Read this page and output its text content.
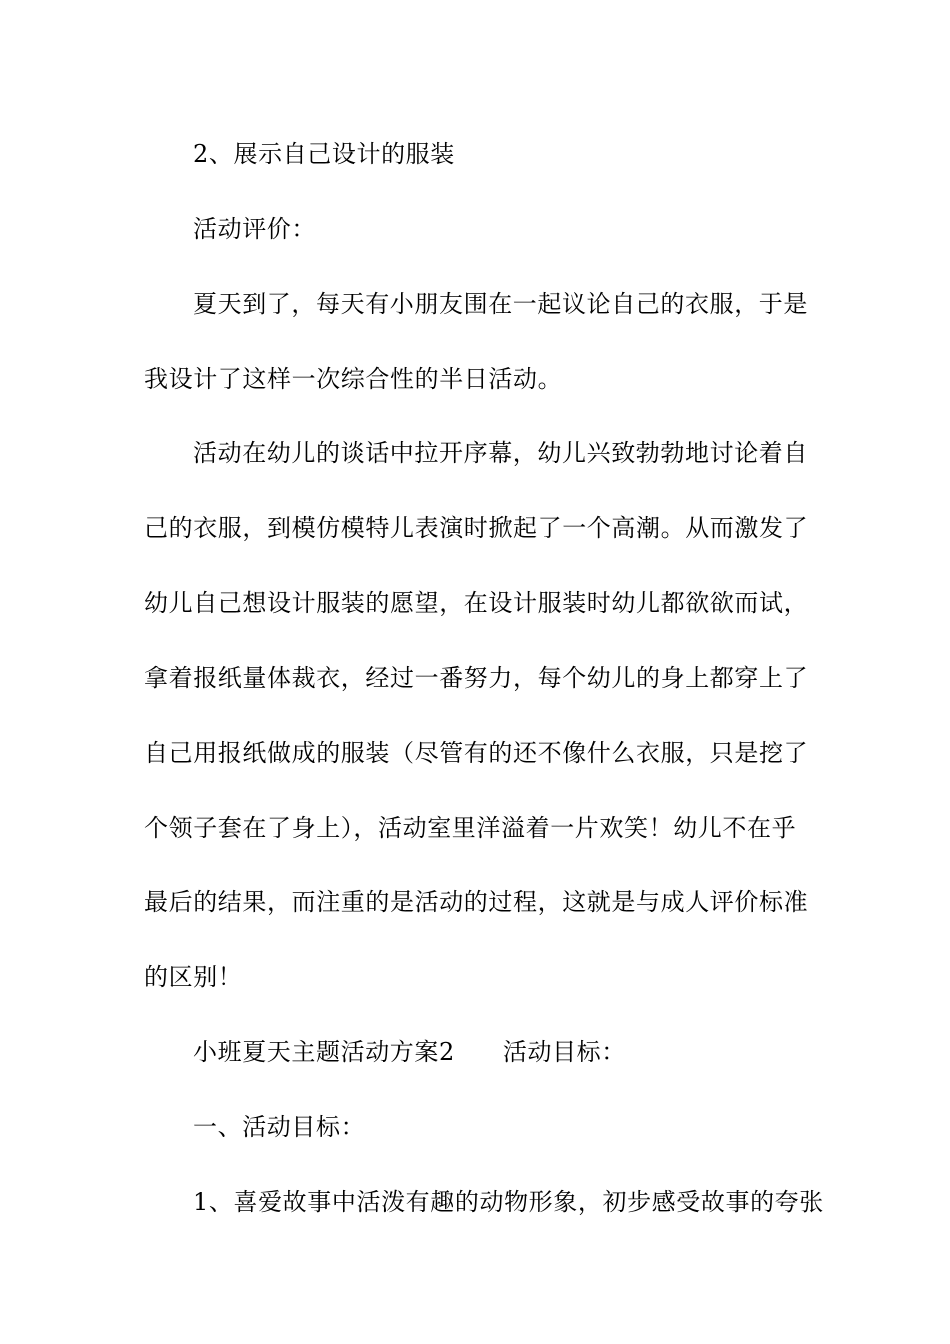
2、展示自己设计的服装
活动评价：
夏天到了，每天有小朋友围在一起议论自己的衣服，于是
我设计了这样一次综合性的半日活动。
活动在幼儿的谈话中拉开序幕，幼儿兴致勃勃地讨论着自
己的衣服，到模仿模特儿表演时掀起了一个高潮。从而激发了
幼儿自己想设计服装的愿望，在设计服装时幼儿都欲欲而试，
拿着报纸量体裁衣，经过一番努力，每个幼儿的身上都穿上了
自己用报纸做成的服装（尽管有的还不像什么衣服，只是挖了
个领子套在了身上），活动室里洋溢着一片欢笑！幼儿不在乎
最后的结果，而注重的是活动的过程，这就是与成人评价标准
的区别！
小班夏天主题活动方案2 活动目标：
一、活动目标：
1、喜爱故事中活泼有趣的动物形象，初步感受故事的夸张
